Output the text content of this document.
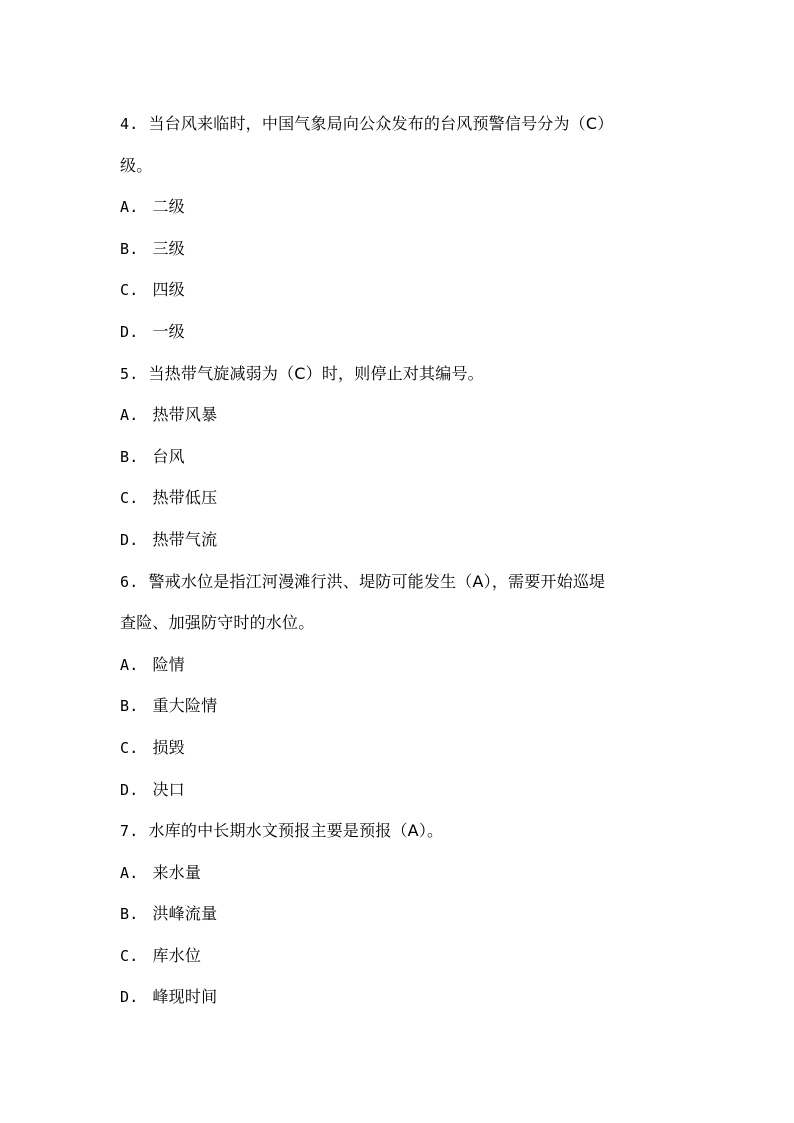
4. 当台风来临时，中国气象局向公众发布的台风预警信号分为（C）
级。
A. 二级
B. 三级
C. 四级
D. 一级
5. 当热带气旋减弱为（C）时，则停止对其编号。
A. 热带风暴
B. 台风
C. 热带低压
D. 热带气流
6. 警戒水位是指江河漫滩行洪、堤防可能发生（A），需要开始巡堤
查险、加强防守时的水位。
A. 险情
B. 重大险情
C. 损毁
D. 决口
7. 水库的中长期水文预报主要是预报（A）。
A. 来水量
B. 洪峰流量
C. 库水位
D. 峰现时间
